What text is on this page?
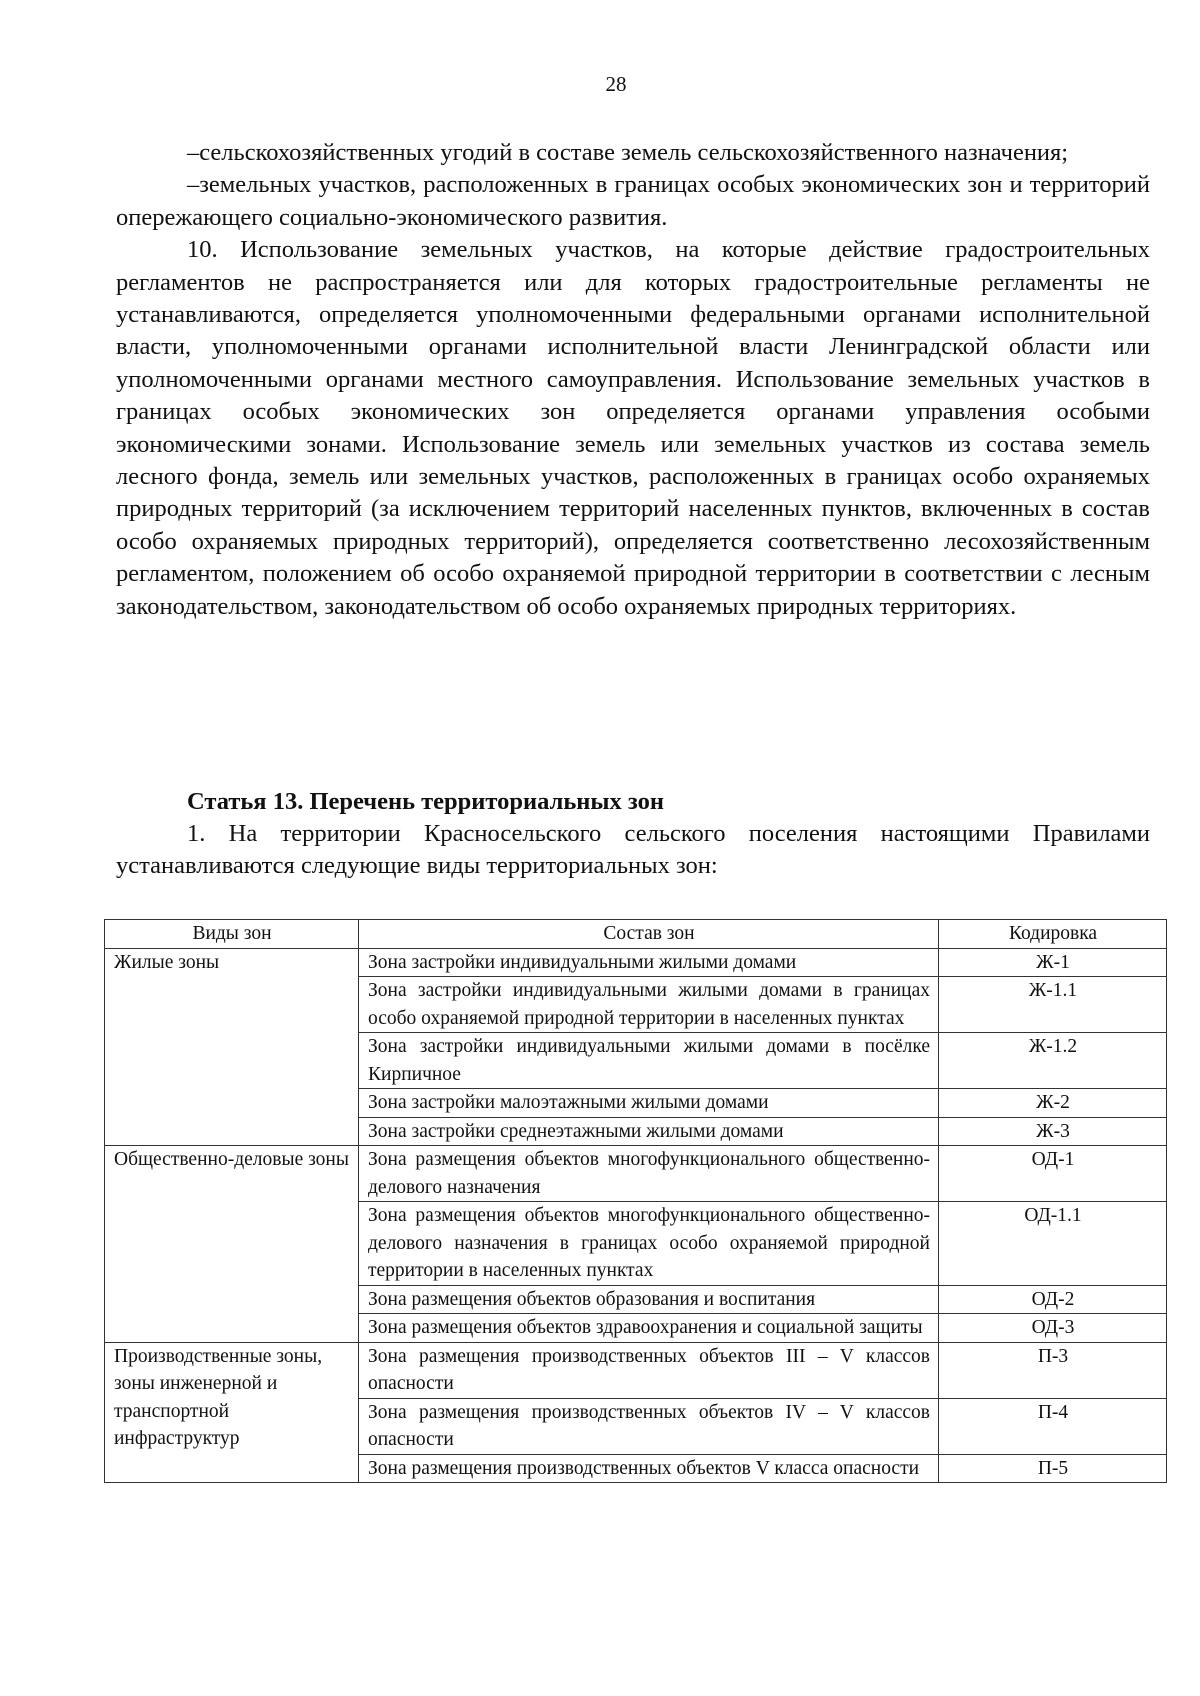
28

–сельскохозяйственных угодий в составе земель сельскохозяйственного назначения;

–земельных участков, расположенных в границах особых экономических зон и территорий опережающего социально-экономического развития.

10. Использование земельных участков, на которые действие градостроительных регламентов не распространяется или для которых градостроительные регламенты не устанавливаются, определяется уполномоченными федеральными органами исполнительной власти, уполномоченными органами исполнительной власти Ленинградской области или уполномоченными органами местного самоуправления. Использование земельных участков в границах особых экономических зон определяется органами управления особыми экономическими зонами. Использование земель или земельных участков из состава земель лесного фонда, земель или земельных участков, расположенных в границах особо охраняемых природных территорий (за исключением территорий населенных пунктов, включенных в состав особо охраняемых природных территорий), определяется соответственно лесохозяйственным регламентом, положением об особо охраняемой природной территории в соответствии с лесным законодательством, законодательством об особо охраняемых природных территориях.

Статья 13. Перечень территориальных зон

1. На территории Красносельского сельского поселения настоящими Правилами устанавливаются следующие виды территориальных зон:

Виды зон	Состав зон	Кодировка
Жилые зоны	Зона застройки индивидуальными жилыми домами	Ж-1
	Зона застройки индивидуальными жилыми домами в границах особо охраняемой природной территории в населенных пунктах	Ж-1.1
	Зона застройки индивидуальными жилыми домами в посёлке Кирпичное	Ж-1.2
	Зона застройки малоэтажными жилыми домами	Ж-2
	Зона застройки среднеэтажными жилыми домами	Ж-3
Общественно-деловые зоны	Зона размещения объектов многофункционального общественно-делового назначения	ОД-1
	Зона размещения объектов многофункционального общественно-делового назначения в границах особо охраняемой природной территории в населенных пунктах	ОД-1.1
	Зона размещения объектов образования и воспитания	ОД-2
	Зона размещения объектов здравоохранения и социальной защиты	ОД-3
Производственные зоны, зоны инженерной и транспортной инфраструктур	Зона размещения производственных объектов III – V классов опасности	П-3
	Зона размещения производственных объектов IV – V классов опасности	П-4
	Зона размещения производственных объектов V класса опасности	П-5
